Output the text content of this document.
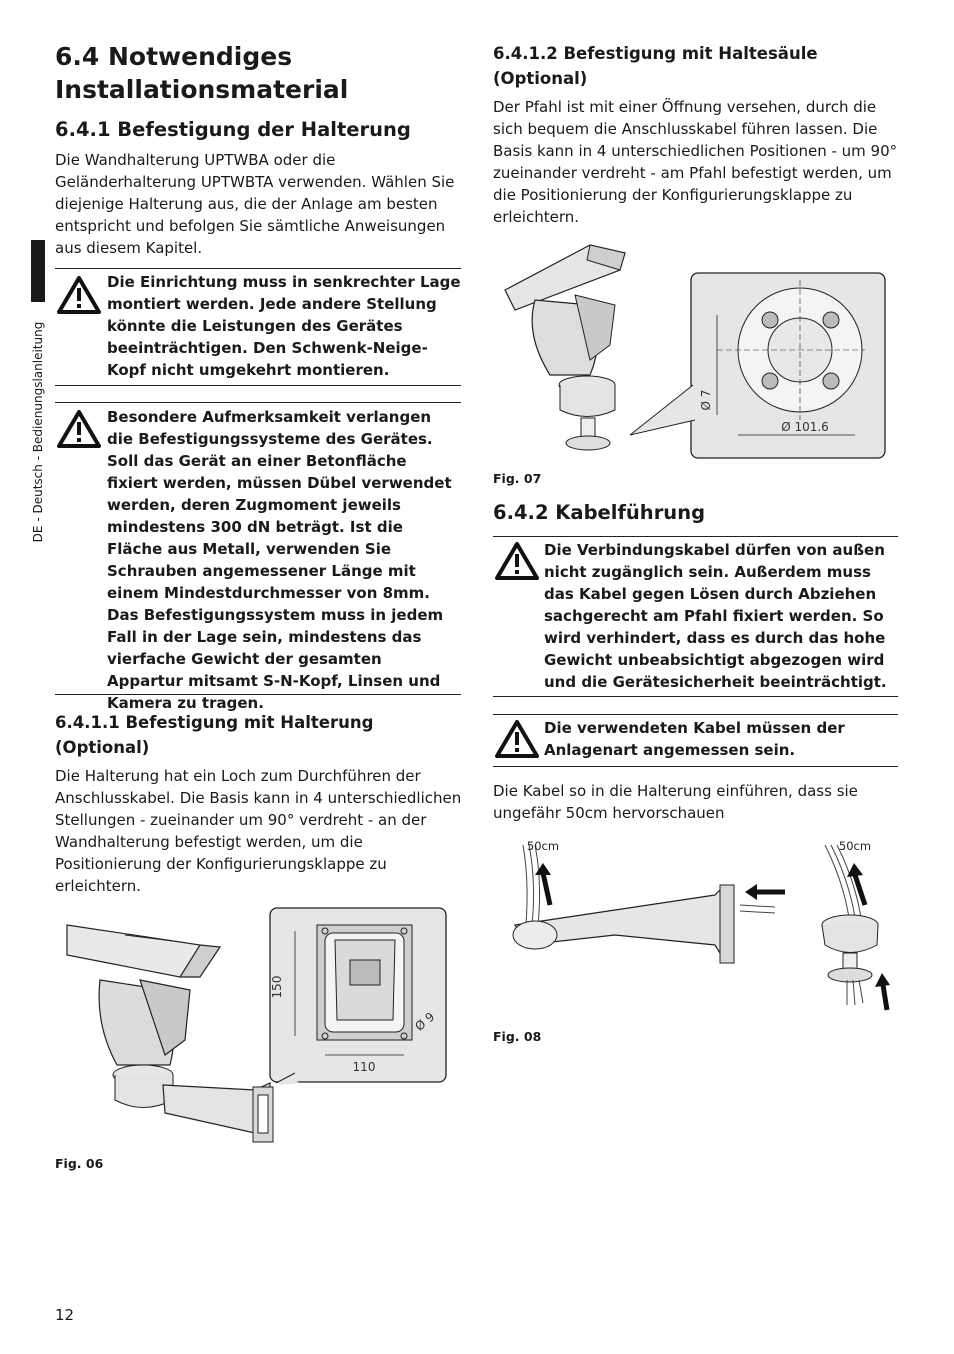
DE - Deutsch - Bedienungslanleitung
6.4 Notwendiges Installationsmaterial
6.4.1 Befestigung der Halterung
Die Wandhalterung UPTWBA oder die Geländerhalterung UPTWBTA verwenden. Wählen Sie diejenige Halterung aus, die der Anlage am besten entspricht und befolgen Sie sämtliche Anweisungen aus diesem Kapitel.
Die Einrichtung muss in senkrechter Lage montiert werden. Jede andere Stellung könnte die Leistungen des Gerätes beeinträchtigen. Den Schwenk-Neige-Kopf nicht umgekehrt montieren.
Besondere Aufmerksamkeit verlangen die Befestigungssysteme des Gerätes. Soll das Gerät an einer Betonfläche fixiert werden, müssen Dübel verwendet werden, deren Zugmoment jeweils mindestens 300 dN beträgt. Ist die Fläche aus Metall, verwenden Sie Schrauben angemessener Länge mit einem Mindestdurchmesser von 8mm. Das Befestigungssystem muss in jedem Fall in der Lage sein, mindestens das vierfache Gewicht der gesamten Appartur mitsamt S-N-Kopf, Linsen und Kamera zu tragen.
6.4.1.1 Befestigung mit Halterung (Optional)
Die Halterung hat ein Loch zum Durchführen der Anschlusskabel. Die Basis kann in 4 unterschiedlichen Stellungen - zueinander um 90° verdreht - an der Wandhalterung befestigt werden, um die Positionierung der Konfigurierungsklappe zu erleichtern.
150
110
Ø 9
Fig. 06
6.4.1.2 Befestigung mit Haltesäule (Optional)
Der Pfahl ist mit einer Öffnung versehen, durch die sich bequem die Anschlusskabel führen lassen. Die Basis kann in 4 unterschiedlichen Positionen - um 90° zueinander verdreht - am Pfahl befestigt werden, um die Positionierung der Konfigurierungsklappe zu erleichtern.
Ø 7
Ø 101.6
Fig. 07
6.4.2 Kabelführung
Die Verbindungskabel dürfen von außen nicht zugänglich sein. Außerdem muss das Kabel gegen Lösen durch Abziehen sachgerecht am Pfahl fixiert werden. So wird verhindert, dass es durch das hohe Gewicht unbeabsichtigt abgezogen wird und die Gerätesicherheit beeinträchtigt.
Die verwendeten Kabel müssen der Anlagenart angemessen sein.
Die Kabel so in die Halterung einführen, dass sie ungefähr 50cm hervorschauen
50cm	50cm
Fig. 08
12
